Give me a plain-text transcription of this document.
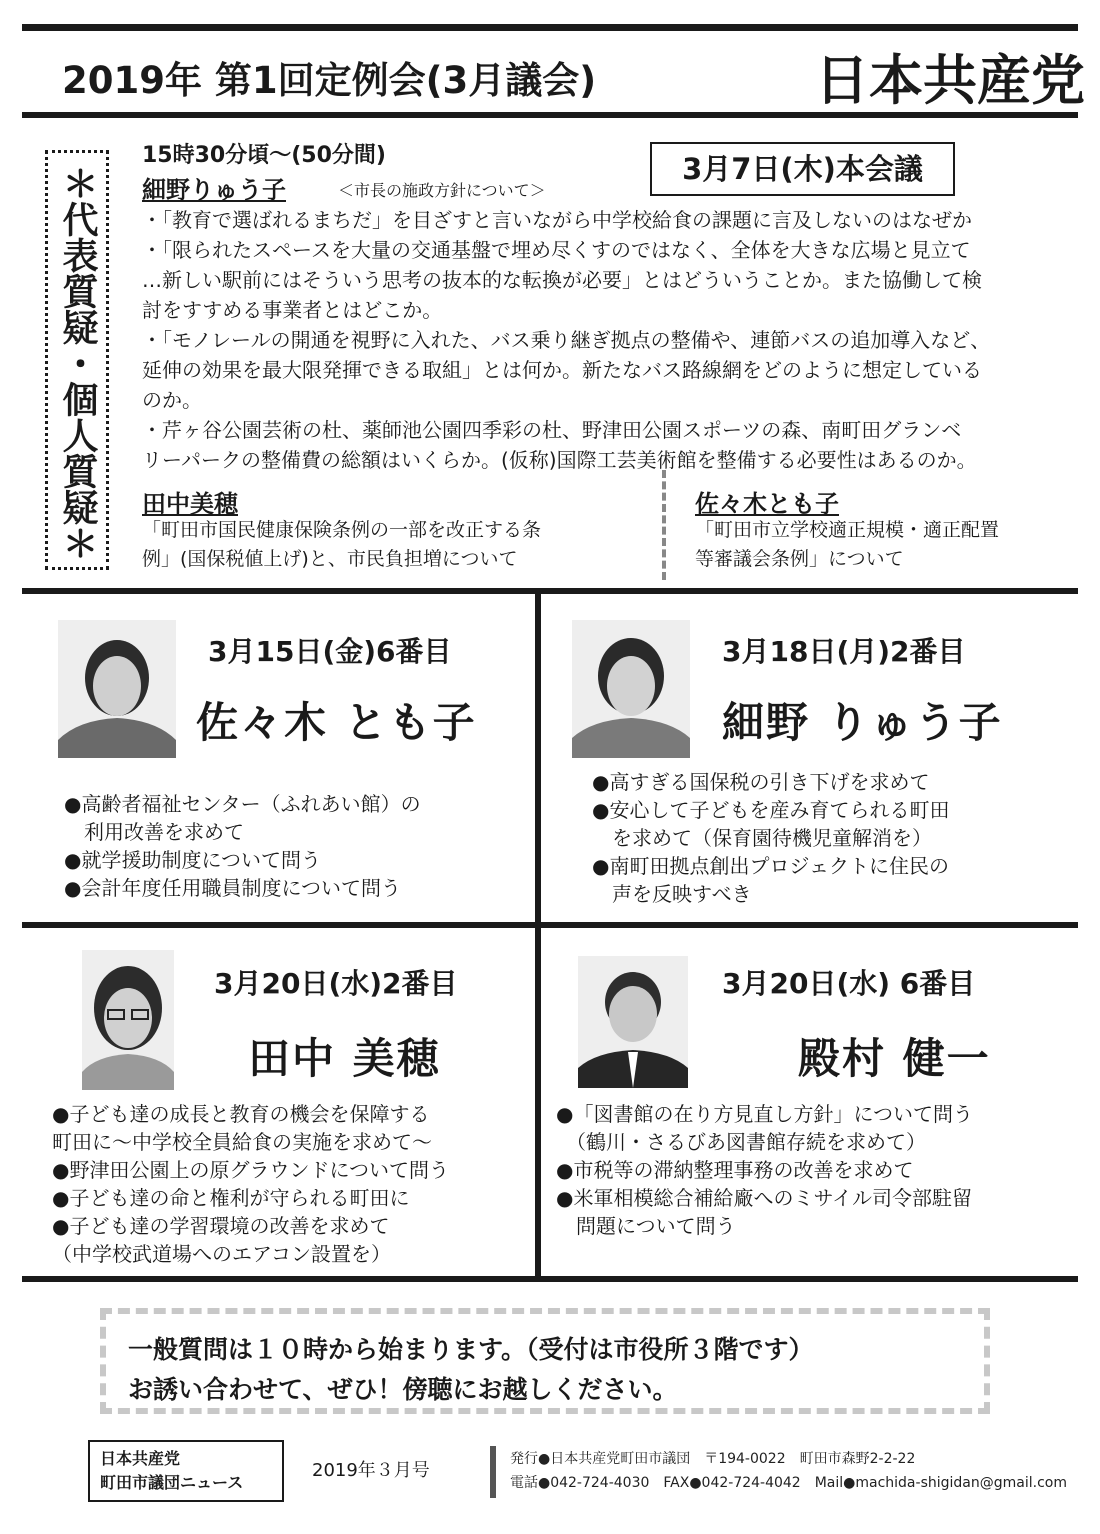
2019年 第1回定例会(3月議会)	日本共産党
＊代表質疑・個人質疑＊
15時30分頃〜(50分間)	3月7日(木)本会議
細野りゅう子	＜市長の施政方針について＞
・「教育で選ばれるまちだ」を目ざすと言いながら中学校給食の課題に言及しないのはなぜか
・「限られたスペースを大量の交通基盤で埋め尽くすのではなく、全体を大きな広場と見立て
…新しい駅前にはそういう思考の抜本的な転換が必要」とはどういうことか。また協働して検
討をすすめる事業者とはどこか。
・「モノレールの開通を視野に入れた、バス乗り継ぎ拠点の整備や、連節バスの追加導入など、
延伸の効果を最大限発揮できる取組」とは何か。新たなバス路線網をどのように想定している
のか。
・芹ヶ谷公園芸術の杜、薬師池公園四季彩の杜、野津田公園スポーツの森、南町田グランベ
リーパークの整備費の総額はいくらか。(仮称)国際工芸美術館を整備する必要性はあるのか。
田中美穂
「町田市国民健康保険条例の一部を改正する条
例」(国保税値上げ)と、市民負担増について
佐々木とも子
「町田市立学校適正規模・適正配置
等審議会条例」について
3月15日(金)6番目
佐々木 とも子
●高齢者福祉センター（ふれあい館）の
　利用改善を求めて
●就学援助制度について問う
●会計年度任用職員制度について問う
3月18日(月)2番目
細野 りゅう子
●高すぎる国保税の引き下げを求めて
●安心して子どもを産み育てられる町田
　を求めて（保育園待機児童解消を）
●南町田拠点創出プロジェクトに住民の
　声を反映すべき
3月20日(水)2番目
田中 美穂
●子ども達の成長と教育の機会を保障する
町田に〜中学校全員給食の実施を求めて〜
●野津田公園上の原グラウンドについて問う
●子ども達の命と権利が守られる町田に
●子ども達の学習環境の改善を求めて
（中学校武道場へのエアコン設置を）
3月20日(水) 6番目
殿村 健一
●「図書館の在り方見直し方針」について問う
　（鶴川・さるびあ図書館存続を求めて）
●市税等の滞納整理事務の改善を求めて
●米軍相模総合補給廠へのミサイル司令部駐留
　問題について問う
一般質問は１０時から始まります。（受付は市役所３階です）
お誘い合わせて、ぜひ！傍聴にお越しください。
日本共産党
町田市議団ニュース
2019年３月号
発行●日本共産党町田市議団　〒194-0022　町田市森野2-2-22
電話●042-724-4030　FAX●042-724-4042　Mail●machida-shigidan@gmail.com
